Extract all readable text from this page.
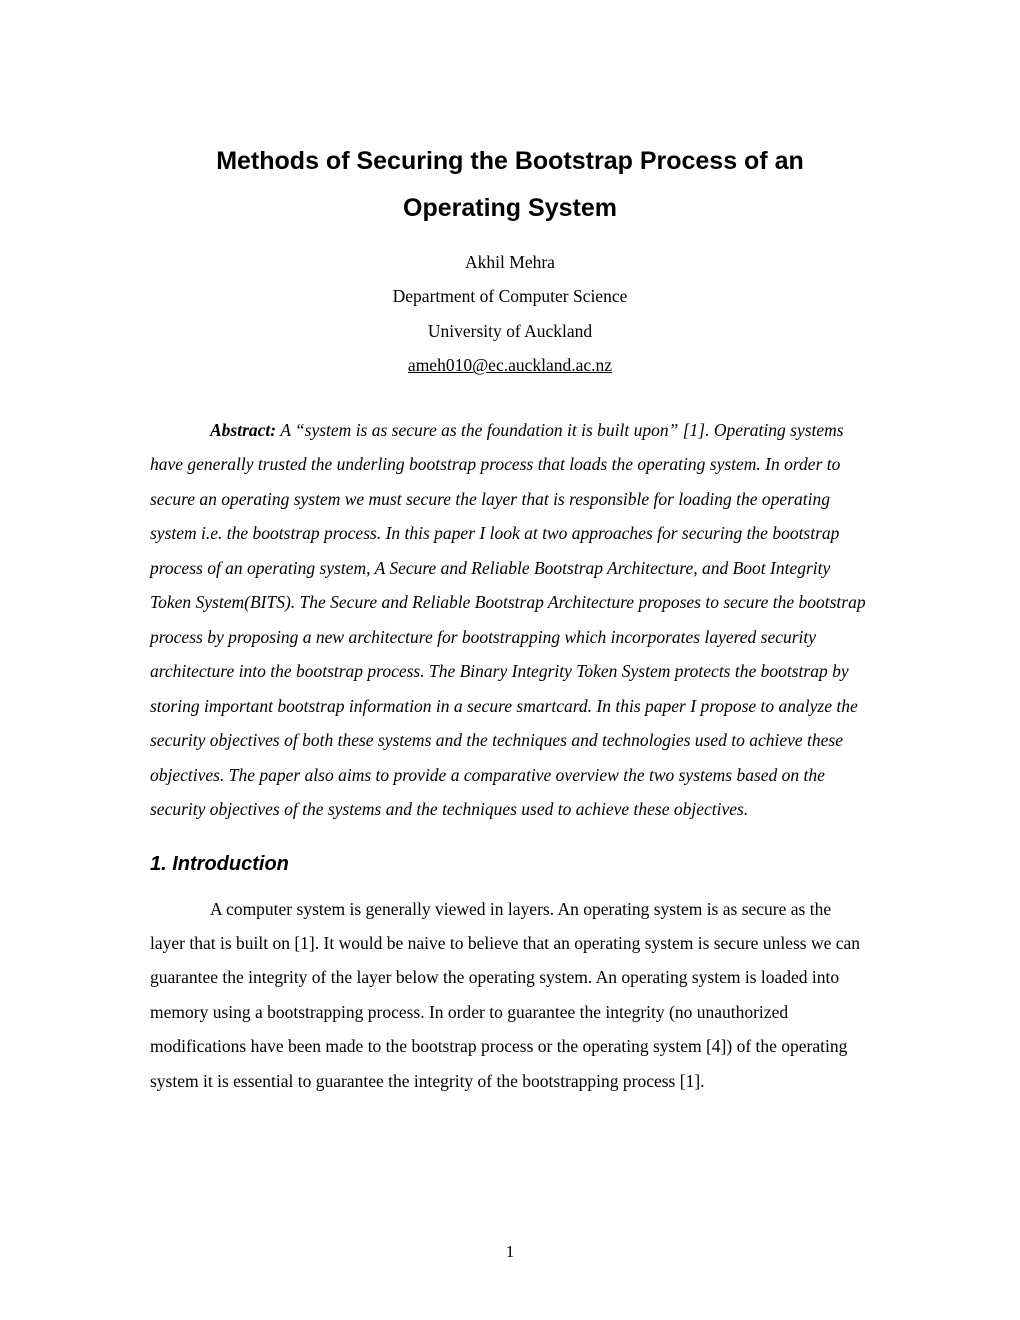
Methods of Securing the Bootstrap Process of an
Operating System
Akhil Mehra
Department of Computer Science
University of Auckland
ameh010@ec.auckland.ac.nz

Abstract: A “system is as secure as the foundation it is built upon” [1]. Operating systems have generally trusted the underling bootstrap process that loads the operating system. In order to secure an operating system we must secure the layer that is responsible for loading the operating system i.e. the bootstrap process. In this paper I look at two approaches for securing the bootstrap process of an operating system, A Secure and Reliable Bootstrap Architecture, and Boot Integrity Token System(BITS). The Secure and Reliable Bootstrap Architecture proposes to secure the bootstrap process by proposing a new architecture for bootstrapping which incorporates layered security architecture into the bootstrap process. The Binary Integrity Token System protects the bootstrap by storing important bootstrap information in a secure smartcard. In this paper I propose to analyze the security objectives of both these systems and the techniques and technologies used to achieve these objectives. The paper also aims to provide a comparative overview the two systems based on the security objectives of the systems and the techniques used to achieve these objectives.

1. Introduction

A computer system is generally viewed in layers. An operating system is as secure as the layer that is built on [1]. It would be naive to believe that an operating system is secure unless we can guarantee the integrity of the layer below the operating system. An operating system is loaded into memory using a bootstrapping process. In order to guarantee the integrity (no unauthorized modifications have been made to the bootstrap process or the operating system [4]) of the operating system it is essential to guarantee the integrity of the bootstrapping process [1].

1
